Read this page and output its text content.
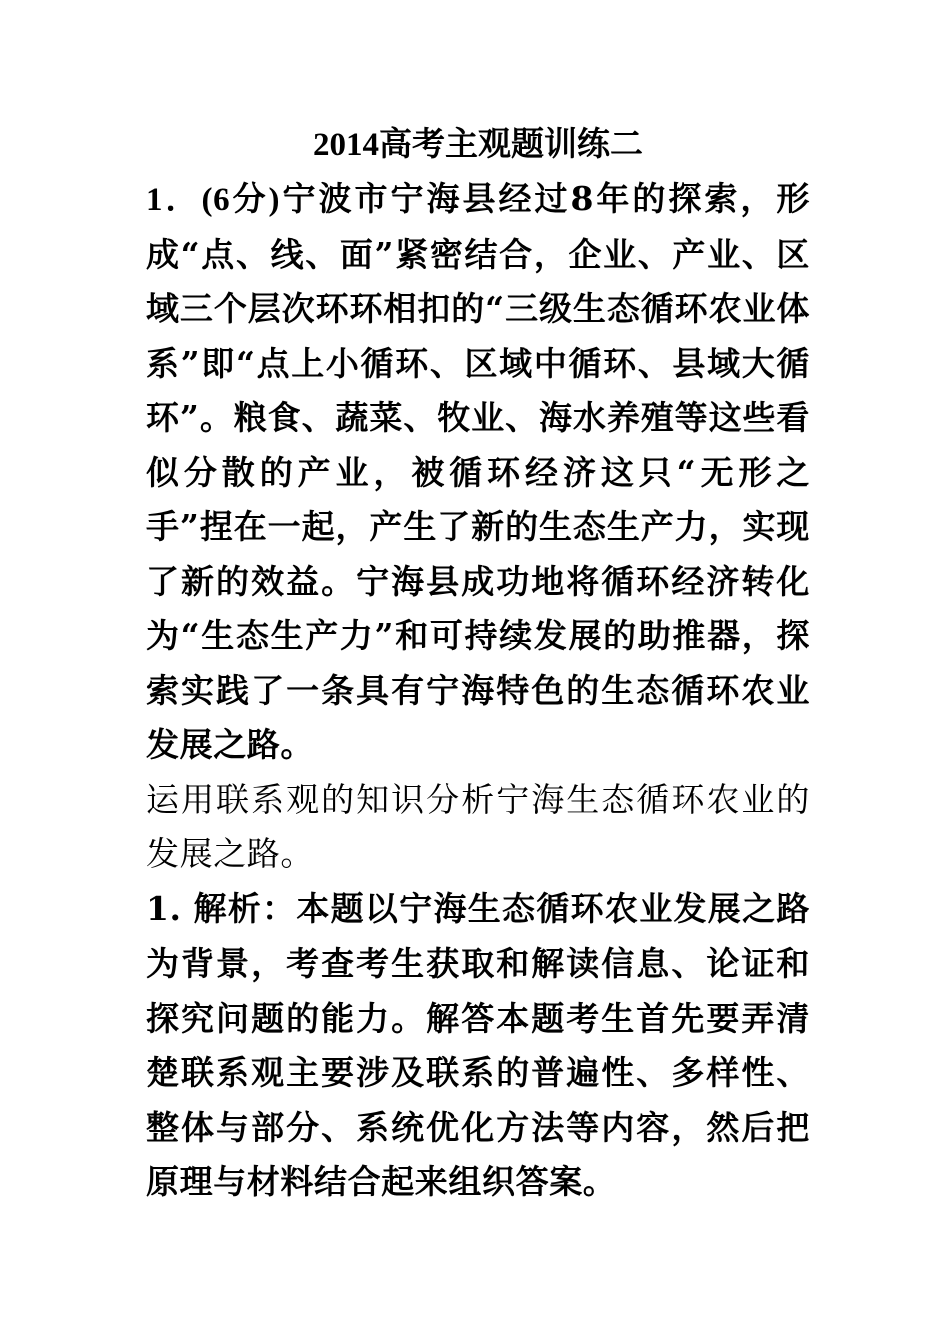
2014高考主观题训练二

1．(6分)宁波市宁海县经过8年的探索，形成“点、线、面”紧密结合，企业、产业、区域三个层次环环相扣的“三级生态循环农业体系”即“点上小循环、区域中循环、县域大循环”。粮食、蔬菜、牧业、海水养殖等这些看似分散的产业，被循环经济这只“无形之手”捏在一起，产生了新的生态生产力，实现了新的效益。宁海县成功地将循环经济转化为“生态生产力”和可持续发展的助推器，探索实践了一条具有宁海特色的生态循环农业发展之路。

运用联系观的知识分析宁海生态循环农业的发展之路。

1. 解析：本题以宁海生态循环农业发展之路为背景，考查考生获取和解读信息、论证和探究问题的能力。解答本题考生首先要弄清楚联系观主要涉及联系的普遍性、多样性、整体与部分、系统优化方法等内容，然后把原理与材料结合起来组织答案。
